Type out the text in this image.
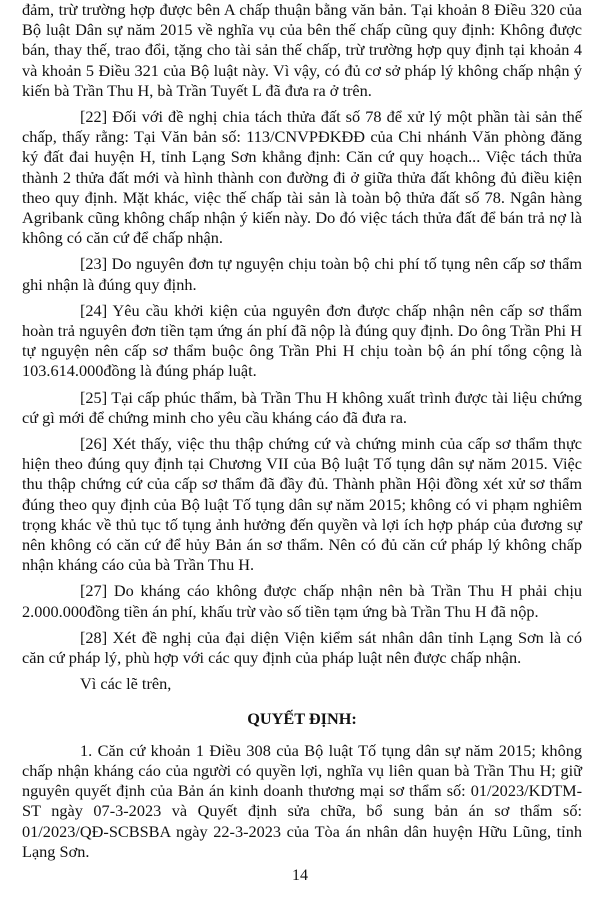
đảm, trừ trường hợp được bên A chấp thuận bằng văn bản. Tại khoản 8 Điều 320 của Bộ luật Dân sự năm 2015 về nghĩa vụ của bên thế chấp cũng quy định: Không được bán, thay thế, trao đổi, tặng cho tài sản thế chấp, trừ trường hợp quy định tại khoản 4 và khoản 5 Điều 321 của Bộ luật này. Vì vậy, có đủ cơ sở pháp lý không chấp nhận ý kiến bà Trần Thu H, bà Trần Tuyết L đã đưa ra ở trên.

[22] Đối với đề nghị chia tách thửa đất số 78 để xử lý một phần tài sản thế chấp, thấy rằng: Tại Văn bản số: 113/CNVPĐKĐĐ của Chi nhánh Văn phòng đăng ký đất đai huyện H, tỉnh Lạng Sơn khẳng định: Căn cứ quy hoạch... Việc tách thửa thành 2 thửa đất mới và hình thành con đường đi ở giữa thửa đất không đủ điều kiện theo quy định. Mặt khác, việc thế chấp tài sản là toàn bộ thửa đất số 78. Ngân hàng Agribank cũng không chấp nhận ý kiến này. Do đó việc tách thửa đất để bán trả nợ là không có căn cứ để chấp nhận.

[23] Do nguyên đơn tự nguyện chịu toàn bộ chi phí tố tụng nên cấp sơ thẩm ghi nhận là đúng quy định.

[24] Yêu cầu khởi kiện của nguyên đơn được chấp nhận nên cấp sơ thẩm hoàn trả nguyên đơn tiền tạm ứng án phí đã nộp là đúng quy định. Do ông Trần Phi H tự nguyện nên cấp sơ thẩm buộc ông Trần Phi H chịu toàn bộ án phí tổng cộng là 103.614.000đồng là đúng pháp luật.

[25] Tại cấp phúc thẩm, bà Trần Thu H không xuất trình được tài liệu chứng cứ gì mới để chứng minh cho yêu cầu kháng cáo đã đưa ra.

[26] Xét thấy, việc thu thập chứng cứ và chứng minh của cấp sơ thẩm thực hiện theo đúng quy định tại Chương VII của Bộ luật Tố tụng dân sự năm 2015. Việc thu thập chứng cứ của cấp sơ thẩm đã đầy đủ. Thành phần Hội đồng xét xử sơ thẩm đúng theo quy định của Bộ luật Tố tụng dân sự năm 2015; không có vi phạm nghiêm trọng khác về thủ tục tố tụng ảnh hưởng đến quyền và lợi ích hợp pháp của đương sự nên không có căn cứ để hủy Bản án sơ thẩm. Nên có đủ căn cứ pháp lý không chấp nhận kháng cáo của bà Trần Thu H.

[27] Do kháng cáo không được chấp nhận nên bà Trần Thu H phải chịu 2.000.000đồng tiền án phí, khấu trừ vào số tiền tạm ứng bà Trần Thu H đã nộp.

[28] Xét đề nghị của đại diện Viện kiểm sát nhân dân tỉnh Lạng Sơn là có căn cứ pháp lý, phù hợp với các quy định của pháp luật nên được chấp nhận.

Vì các lẽ trên,

QUYẾT ĐỊNH:

1. Căn cứ khoản 1 Điều 308 của Bộ luật Tố tụng dân sự năm 2015; không chấp nhận kháng cáo của người có quyền lợi, nghĩa vụ liên quan bà Trần Thu H; giữ nguyên quyết định của Bản án kinh doanh thương mại sơ thẩm số: 01/2023/KDTM-ST ngày 07-3-2023 và Quyết định sửa chữa, bổ sung bản án sơ thẩm số: 01/2023/QĐ-SCBSBA ngày 22-3-2023 của Tòa án nhân dân huyện Hữu Lũng, tỉnh Lạng Sơn.

14
